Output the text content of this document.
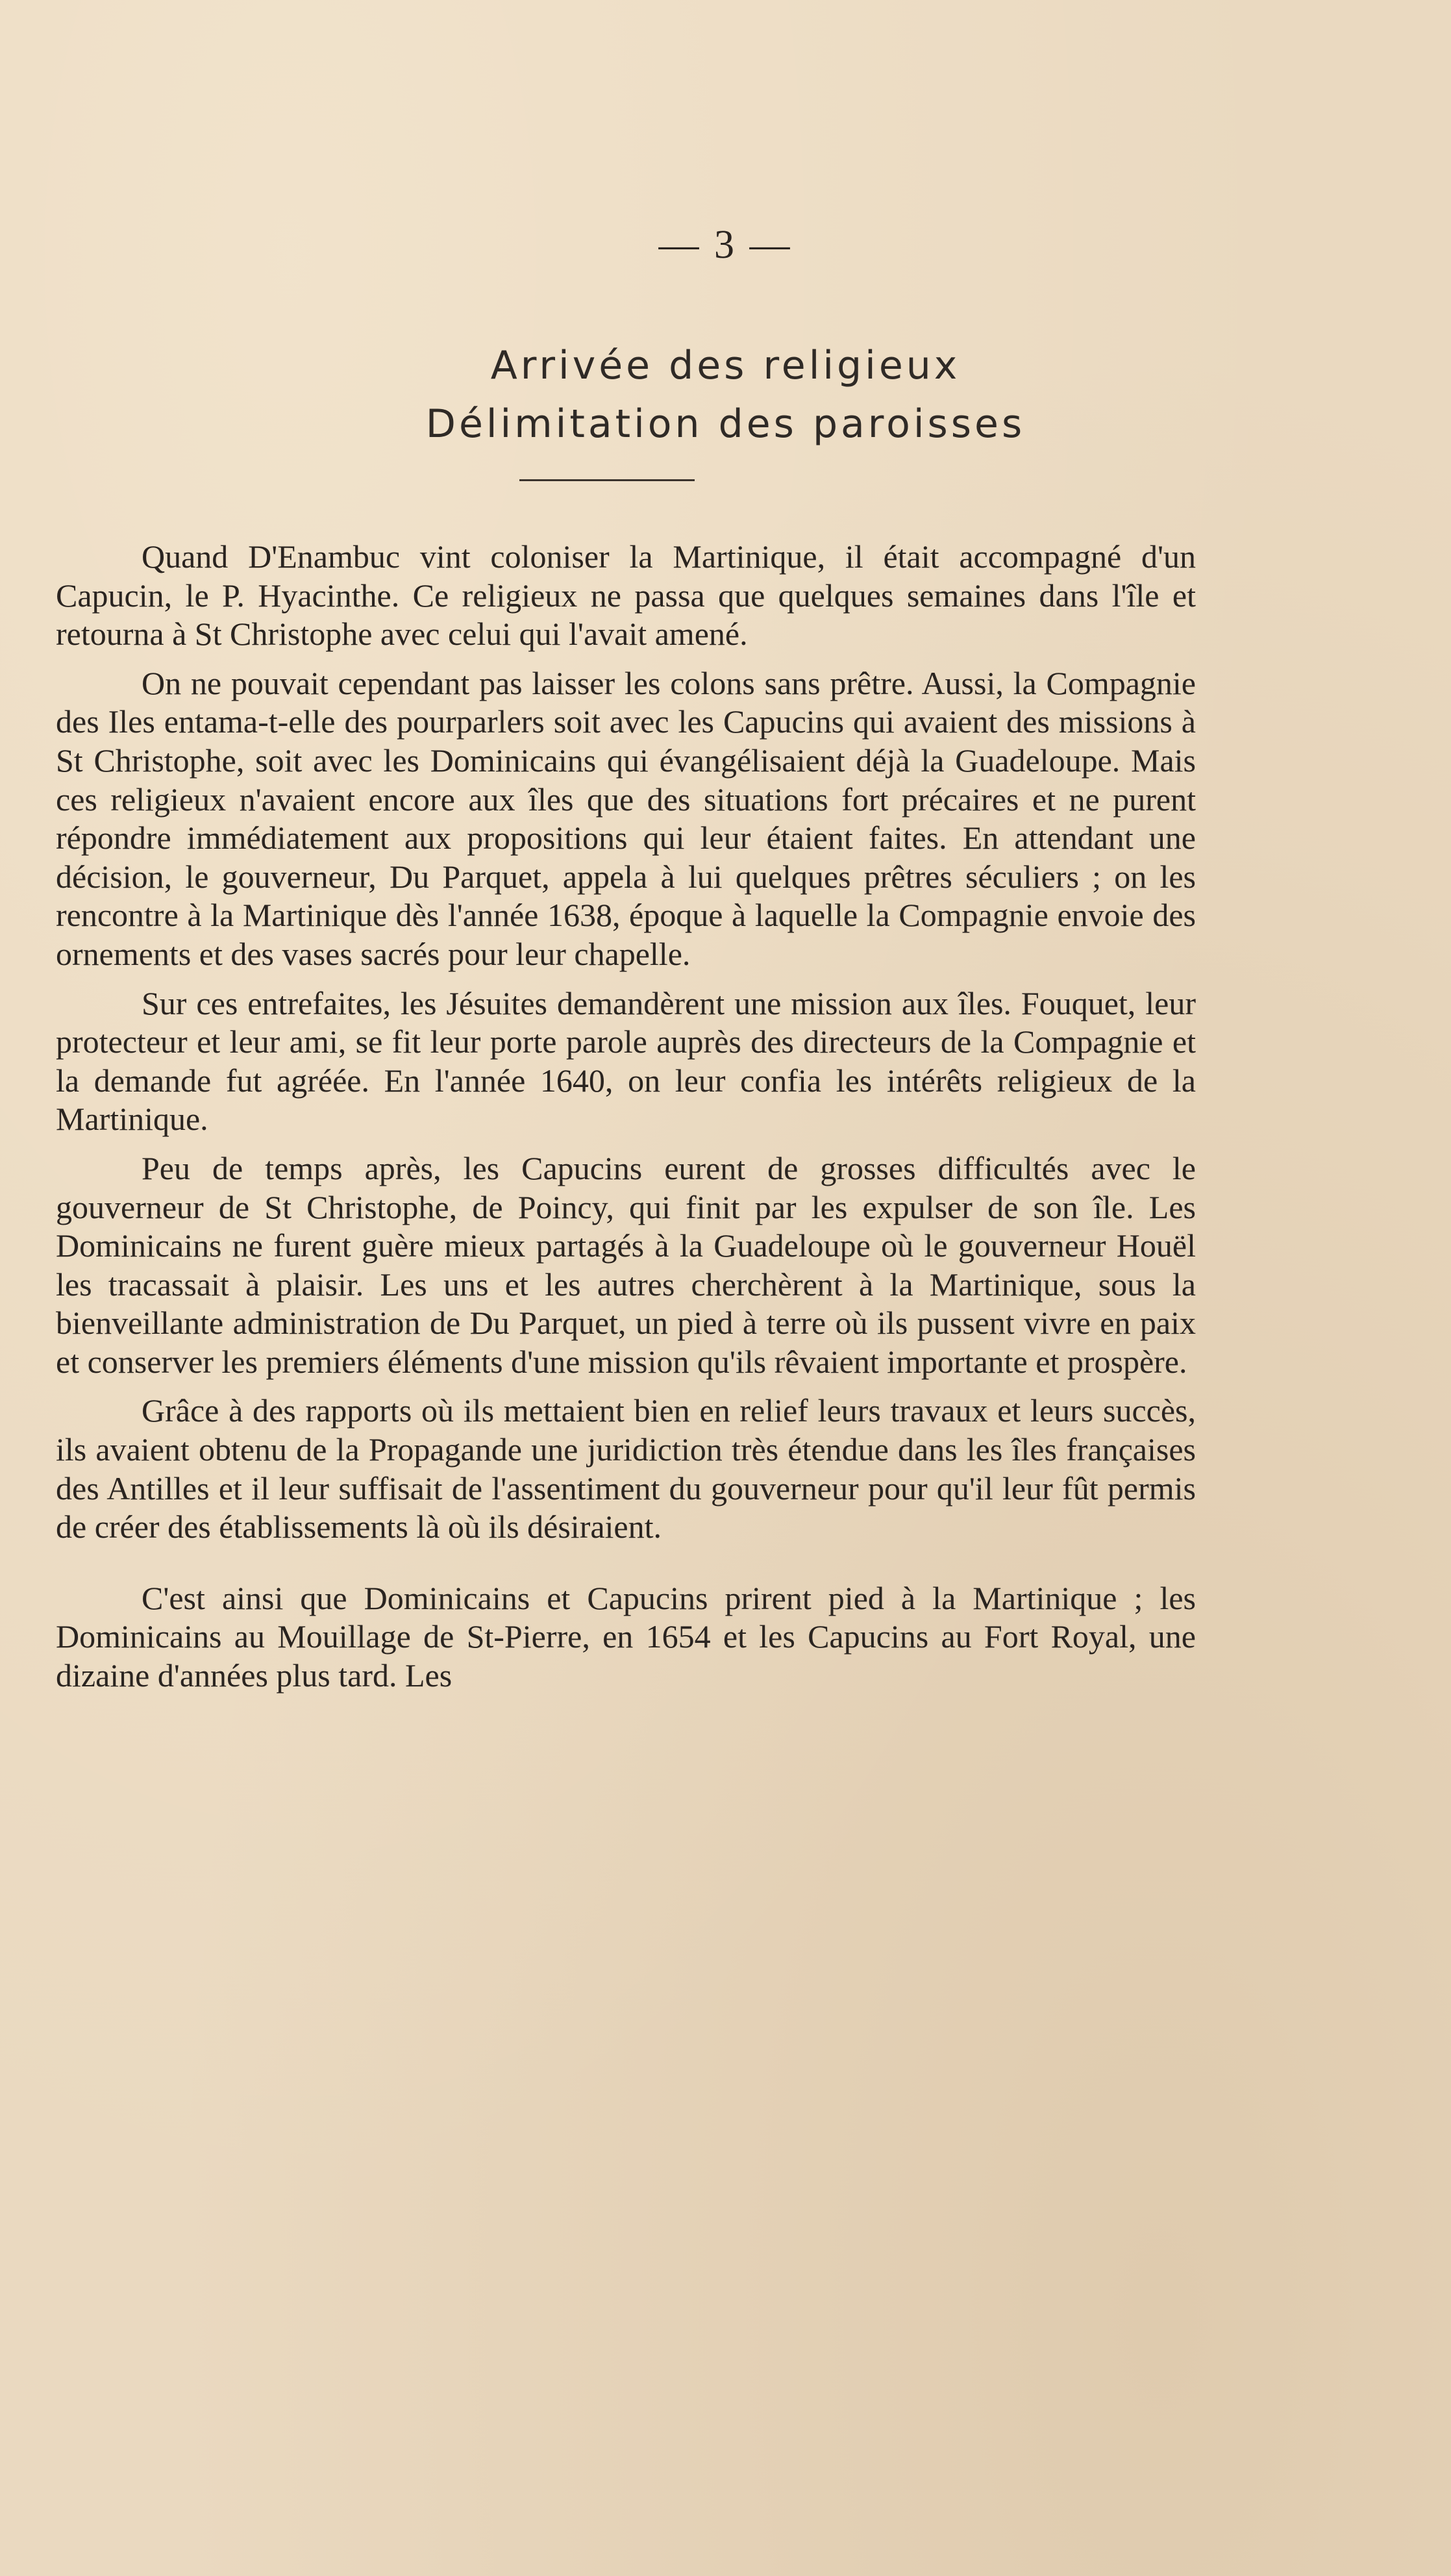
— 3 —
Arrivée des religieux
Délimitation des paroisses

Quand D'Enambuc vint coloniser la Martinique, il était accompagné d'un Capucin, le P. Hyacinthe. Ce religieux ne passa que quelques semaines dans l'île et retourna à St Christophe avec celui qui l'avait amené.

On ne pouvait cependant pas laisser les colons sans prêtre. Aussi, la Compagnie des Iles entama-t-elle des pourparlers soit avec les Capucins qui avaient des missions à St Christophe, soit avec les Dominicains qui évangélisaient déjà la Guadeloupe. Mais ces religieux n'avaient encore aux îles que des situations fort précaires et ne purent répondre immédiatement aux propositions qui leur étaient faites. En attendant une décision, le gouverneur, Du Parquet, appela à lui quelques prêtres séculiers ; on les rencontre à la Martinique dès l'année 1638, époque à laquelle la Compagnie envoie des ornements et des vases sacrés pour leur chapelle.

Sur ces entrefaites, les Jésuites demandèrent une mission aux îles. Fouquet, leur protecteur et leur ami, se fit leur porte parole auprès des directeurs de la Compagnie et la demande fut agréée. En l'année 1640, on leur confia les intérêts religieux de la Martinique.

Peu de temps après, les Capucins eurent de grosses difficultés avec le gouverneur de St Christophe, de Poincy, qui finit par les expulser de son île. Les Dominicains ne furent guère mieux partagés à la Guadeloupe où le gouverneur Houël les tracassait à plaisir. Les uns et les autres cherchèrent à la Martinique, sous la bienveillante administration de Du Parquet, un pied à terre où ils pussent vivre en paix et conserver les premiers éléments d'une mission qu'ils rêvaient importante et prospère.

Grâce à des rapports où ils mettaient bien en relief leurs travaux et leurs succès, ils avaient obtenu de la Propagande une juridiction très étendue dans les îles françaises des Antilles et il leur suffisait de l'assentiment du gouverneur pour qu'il leur fût permis de créer des établissements là où ils désiraient.

C'est ainsi que Dominicains et Capucins prirent pied à la Martinique ; les Dominicains au Mouillage de St-Pierre, en 1654 et les Capucins au Fort Royal, une dizaine d'années plus tard. Les
